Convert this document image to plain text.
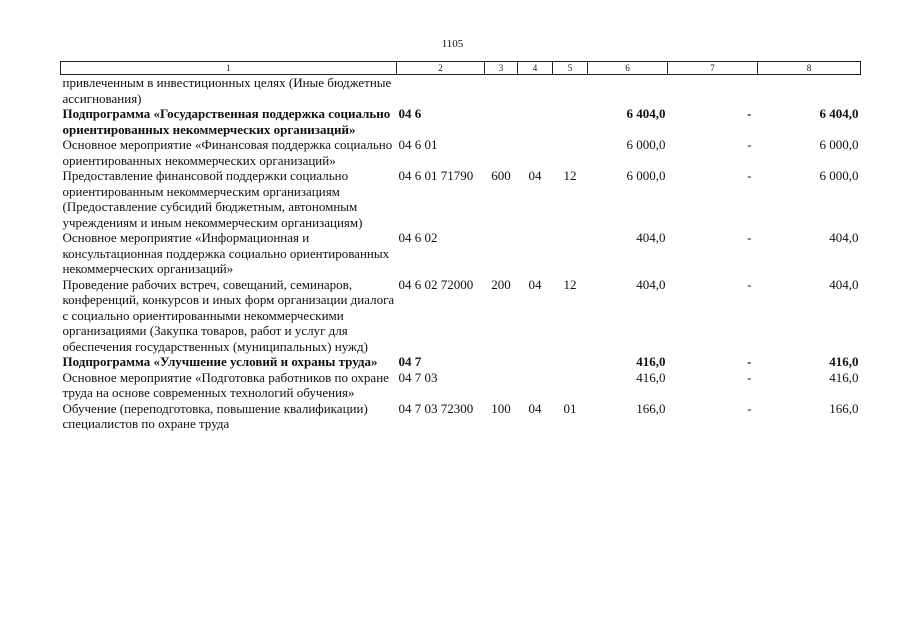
1105
1	2	3	4	5	6	7	8
привлеченным в инвестиционных целях (Иные бюджетные ассигнования)							
Подпрограмма «Государственная поддержка социально ориентированных некоммерческих организаций»	04 6				6 404,0	-	6 404,0
Основное мероприятие «Финансовая поддержка социально ориентированных некоммерческих организаций»	04 6 01				6 000,0	-	6 000,0
Предоставление финансовой поддержки социально ориентированным некоммерческим организациям (Предоставление субсидий бюджетным, автономным учреждениям и иным некоммерческим организациям)	04 6 01 71790	600	04	12	6 000,0	-	6 000,0
Основное мероприятие «Информационная и консультационная поддержка социально ориентированных некоммерческих организаций»	04 6 02				404,0	-	404,0
Проведение рабочих встреч, совещаний, семинаров, конференций, конкурсов и иных форм организации диалога с социально ориентированными некоммерческими организациями (Закупка товаров, работ и услуг для обеспечения государственных (муниципальных) нужд)	04 6 02 72000	200	04	12	404,0	-	404,0
Подпрограмма «Улучшение условий и охраны труда»	04 7				416,0	-	416,0
Основное мероприятие «Подготовка работников по охране труда на основе современных технологий обучения»	04 7 03				416,0	-	416,0
Обучение (переподготовка, повышение квалификации) специалистов по охране труда	04 7 03 72300	100	04	01	166,0	-	166,0
